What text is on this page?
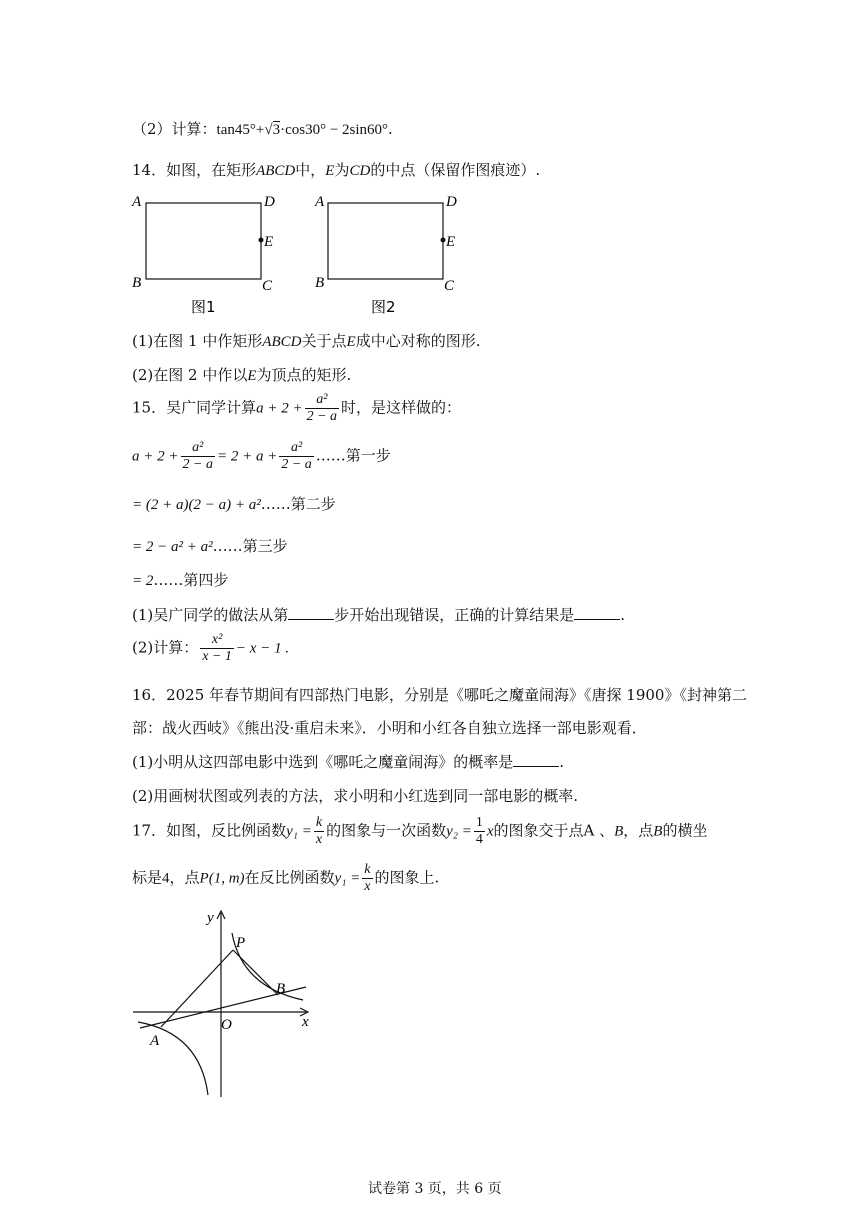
（2）计算：tan45°+√3·cos30° − 2sin60°.
14．如图，在矩形ABCD中，E为CD的中点（保留作图痕迹）.
A	D
E
B	C
图1
A	D
E
B	C
图2
(1)在图 1 中作矩形ABCD关于点E成中心对称的图形.
(2)在图 2 中作以E为顶点的矩形.
15．吴广同学计算$a + 2 + \frac{\text{a²}}{2 - a}$ 时，是这样做的：
$a + 2 + \frac{\text{a²}}{2 - a} = 2 + a + \frac{\text{a²}}{2 - a}$ ……第一步
= (2 + a)(2 − a) + a²……第二步
= 2 − a² + a²……第三步
= 2……第四步
(1)吴广同学的做法从第	步开始出现错误，正确的计算结果是	.
(2)计算： $\frac{\text{x²}}{x - 1} - x - 1$ .
16．2025 年春节期间有四部热门电影，分别是《哪吒之魔童闹海》《唐探 1900》《封神第二
部：战火西岐》《熊出没·重启未来》．小明和小红各自独立选择一部电影观看．
(1)小明从这四部电影中选到《哪吒之魔童闹海》的概率是	.
(2)用画树状图或列表的方法，求小明和小红选到同一部电影的概率.
17．如图，反比例函数$y_1 = \frac{k}{x}$ 的图象与一次函数$y_2 = \frac{1}{4}$ x的图象交于点A 、B，点B的横坐
标是4，点P(1, m)在反比例函数$y_1 = \frac{k}{x}$ 的图象上.
y
x
O
P
A
B
试卷第 3 页，共 6 页
